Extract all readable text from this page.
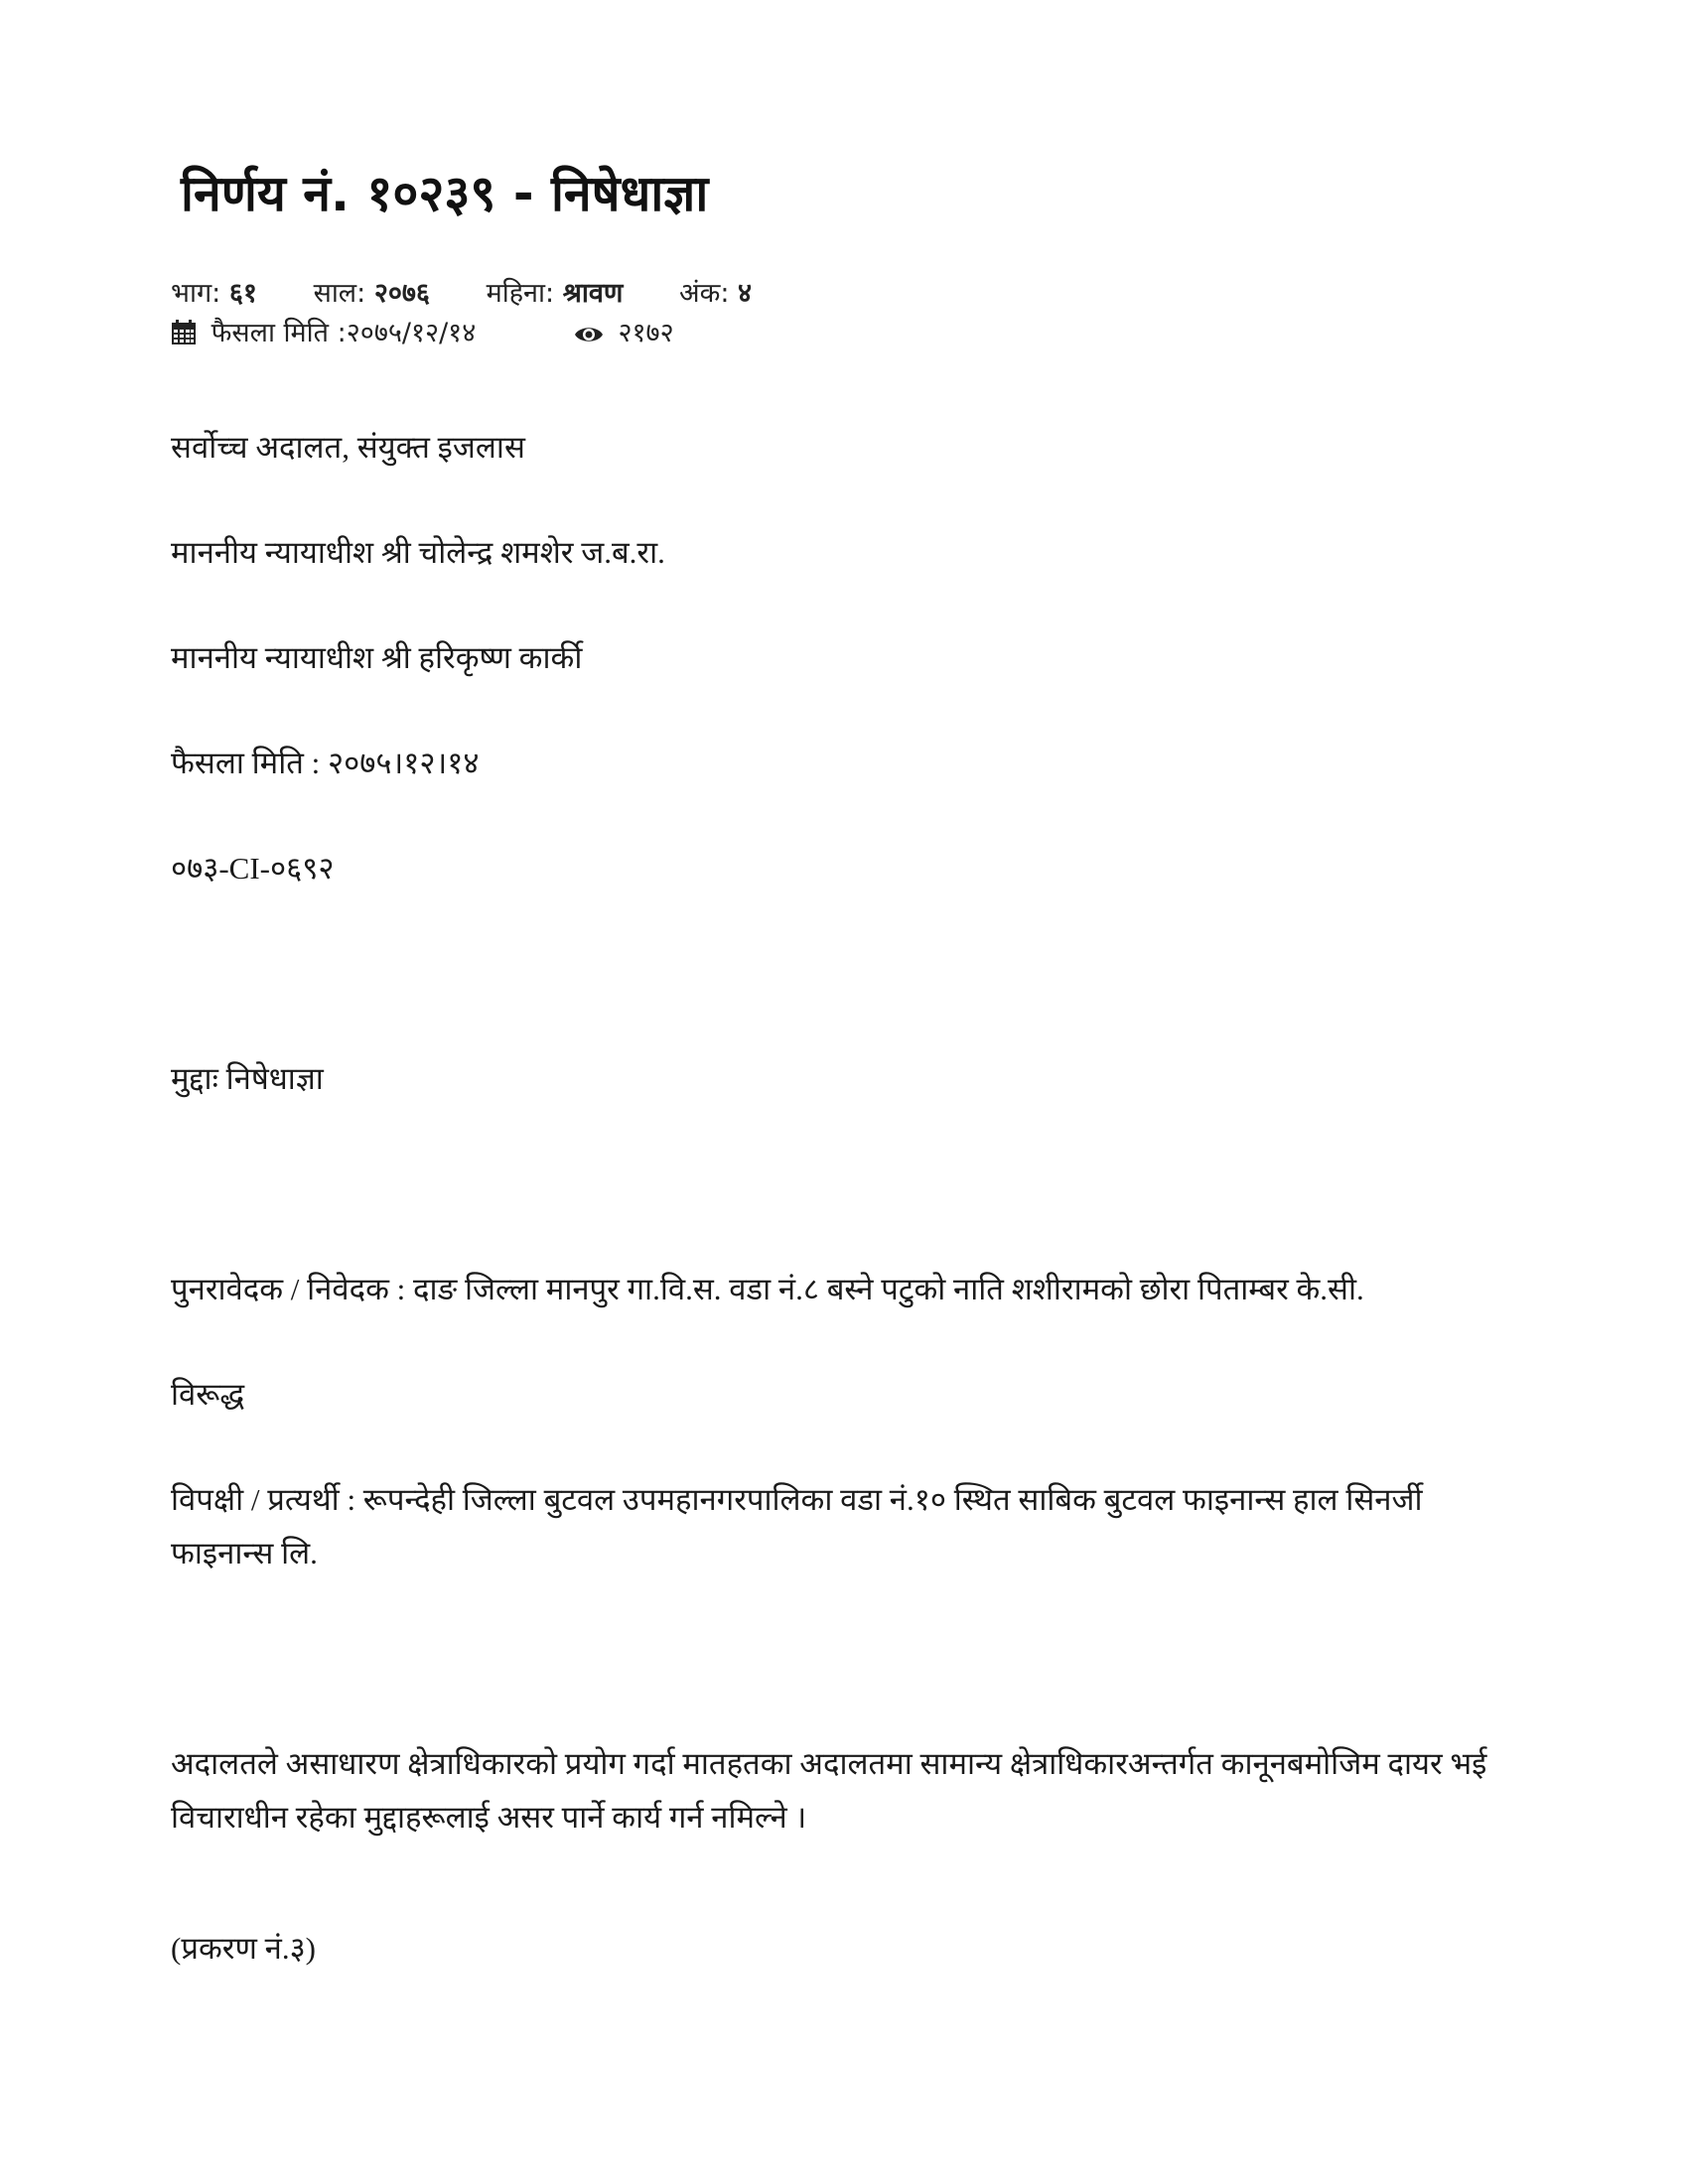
निर्णय नं. १०२३९ - निषेधाज्ञा
भाग: ६१ साल: २०७६ महिना: श्रावण अंक: ४
फैसला मिति :२०७५/१२/१४	२१७२

सर्वोच्च अदालत, संयुक्त इजलास

माननीय न्यायाधीश श्री चोलेन्द्र शमशेर ज.ब.रा.

माननीय न्यायाधीश श्री हरिकृष्ण कार्की

फैसला मिति : २०७५।१२।१४

०७३-CI-०६९२

मुद्दाः निषेधाज्ञा

पुनरावेदक / निवेदक : दाङ जिल्ला मानपुर गा.वि.स. वडा नं.८ बस्ने पटुको नाति शशीरामको छोरा पिताम्बर के.सी.

विरूद्ध

विपक्षी / प्रत्यर्थी : रूपन्देही जिल्ला बुटवल उपमहानगरपालिका वडा नं.१० स्थित साबिक बुटवल फाइनान्स हाल सिनर्जी फाइनान्स लि.

अदालतले असाधारण क्षेत्राधिकारको प्रयोग गर्दा मातहतका अदालतमा सामान्य क्षेत्राधिकारअन्तर्गत कानूनबमोजिम दायर भई विचाराधीन रहेका मुद्दाहरूलाई असर पार्ने कार्य गर्न नमिल्ने ।

(प्रकरण नं.३)
